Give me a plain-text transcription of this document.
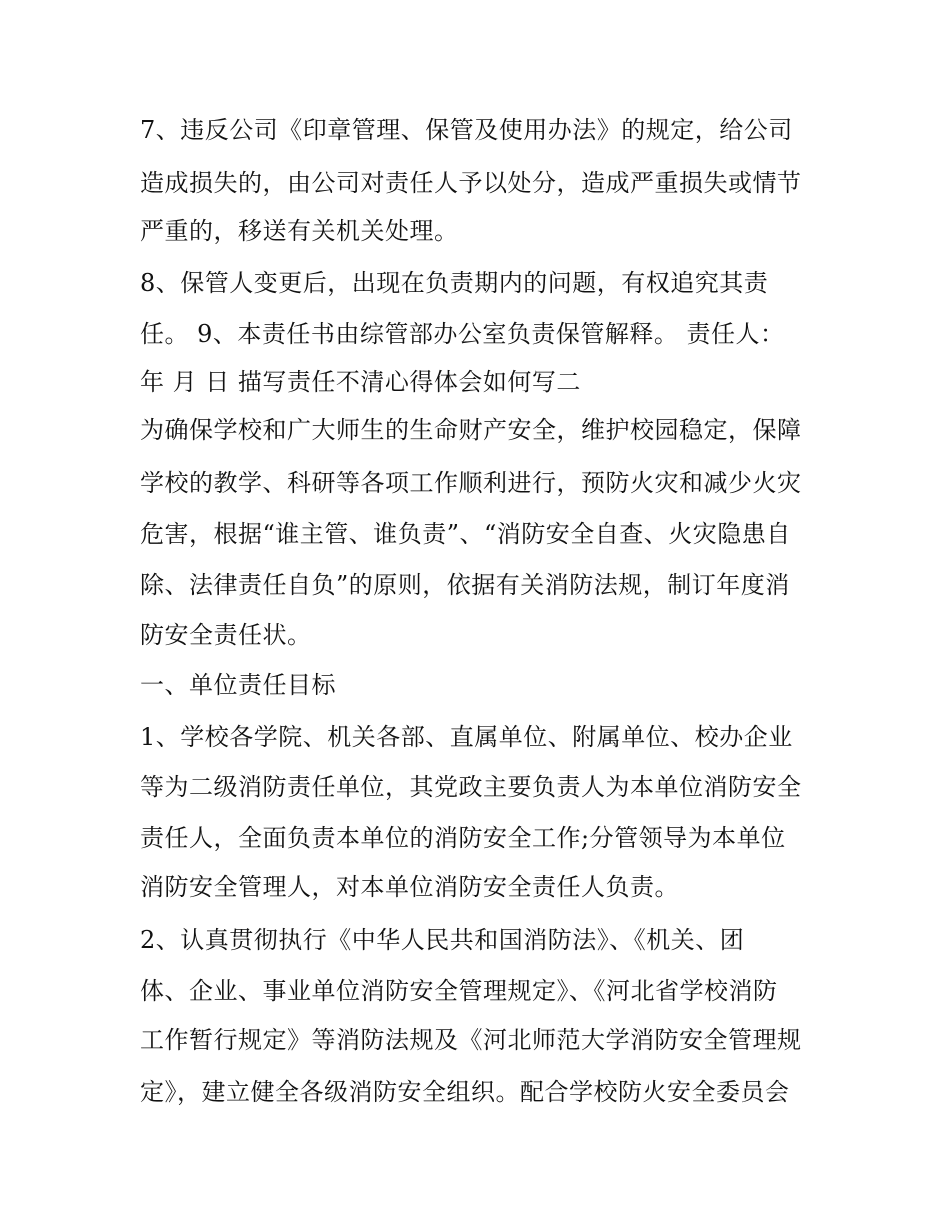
7、违反公司《印章管理、保管及使用办法》的规定，给公司
造成损失的，由公司对责任人予以处分，造成严重损失或情节
严重的，移送有关机关处理。
8、保管人变更后，出现在负责期内的问题，有权追究其责
任。 9、本责任书由综管部办公室负责保管解释。 责任人：
年 月 日 描写责任不清心得体会如何写二
为确保学校和广大师生的生命财产安全，维护校园稳定，保障
学校的教学、科研等各项工作顺利进行，预防火灾和减少火灾
危害，根据“谁主管、谁负责”、“消防安全自查、火灾隐患自
除、法律责任自负”的原则，依据有关消防法规，制订年度消
防安全责任状。
一、单位责任目标
1、学校各学院、机关各部、直属单位、附属单位、校办企业
等为二级消防责任单位，其党政主要负责人为本单位消防安全
责任人，全面负责本单位的消防安全工作;分管领导为本单位
消防安全管理人，对本单位消防安全责任人负责。
2、认真贯彻执行《中华人民共和国消防法》、《机关、团
体、企业、事业单位消防安全管理规定》、《河北省学校消防
工作暂行规定》等消防法规及《河北师范大学消防安全管理规
定》，建立健全各级消防安全组织。配合学校防火安全委员会
